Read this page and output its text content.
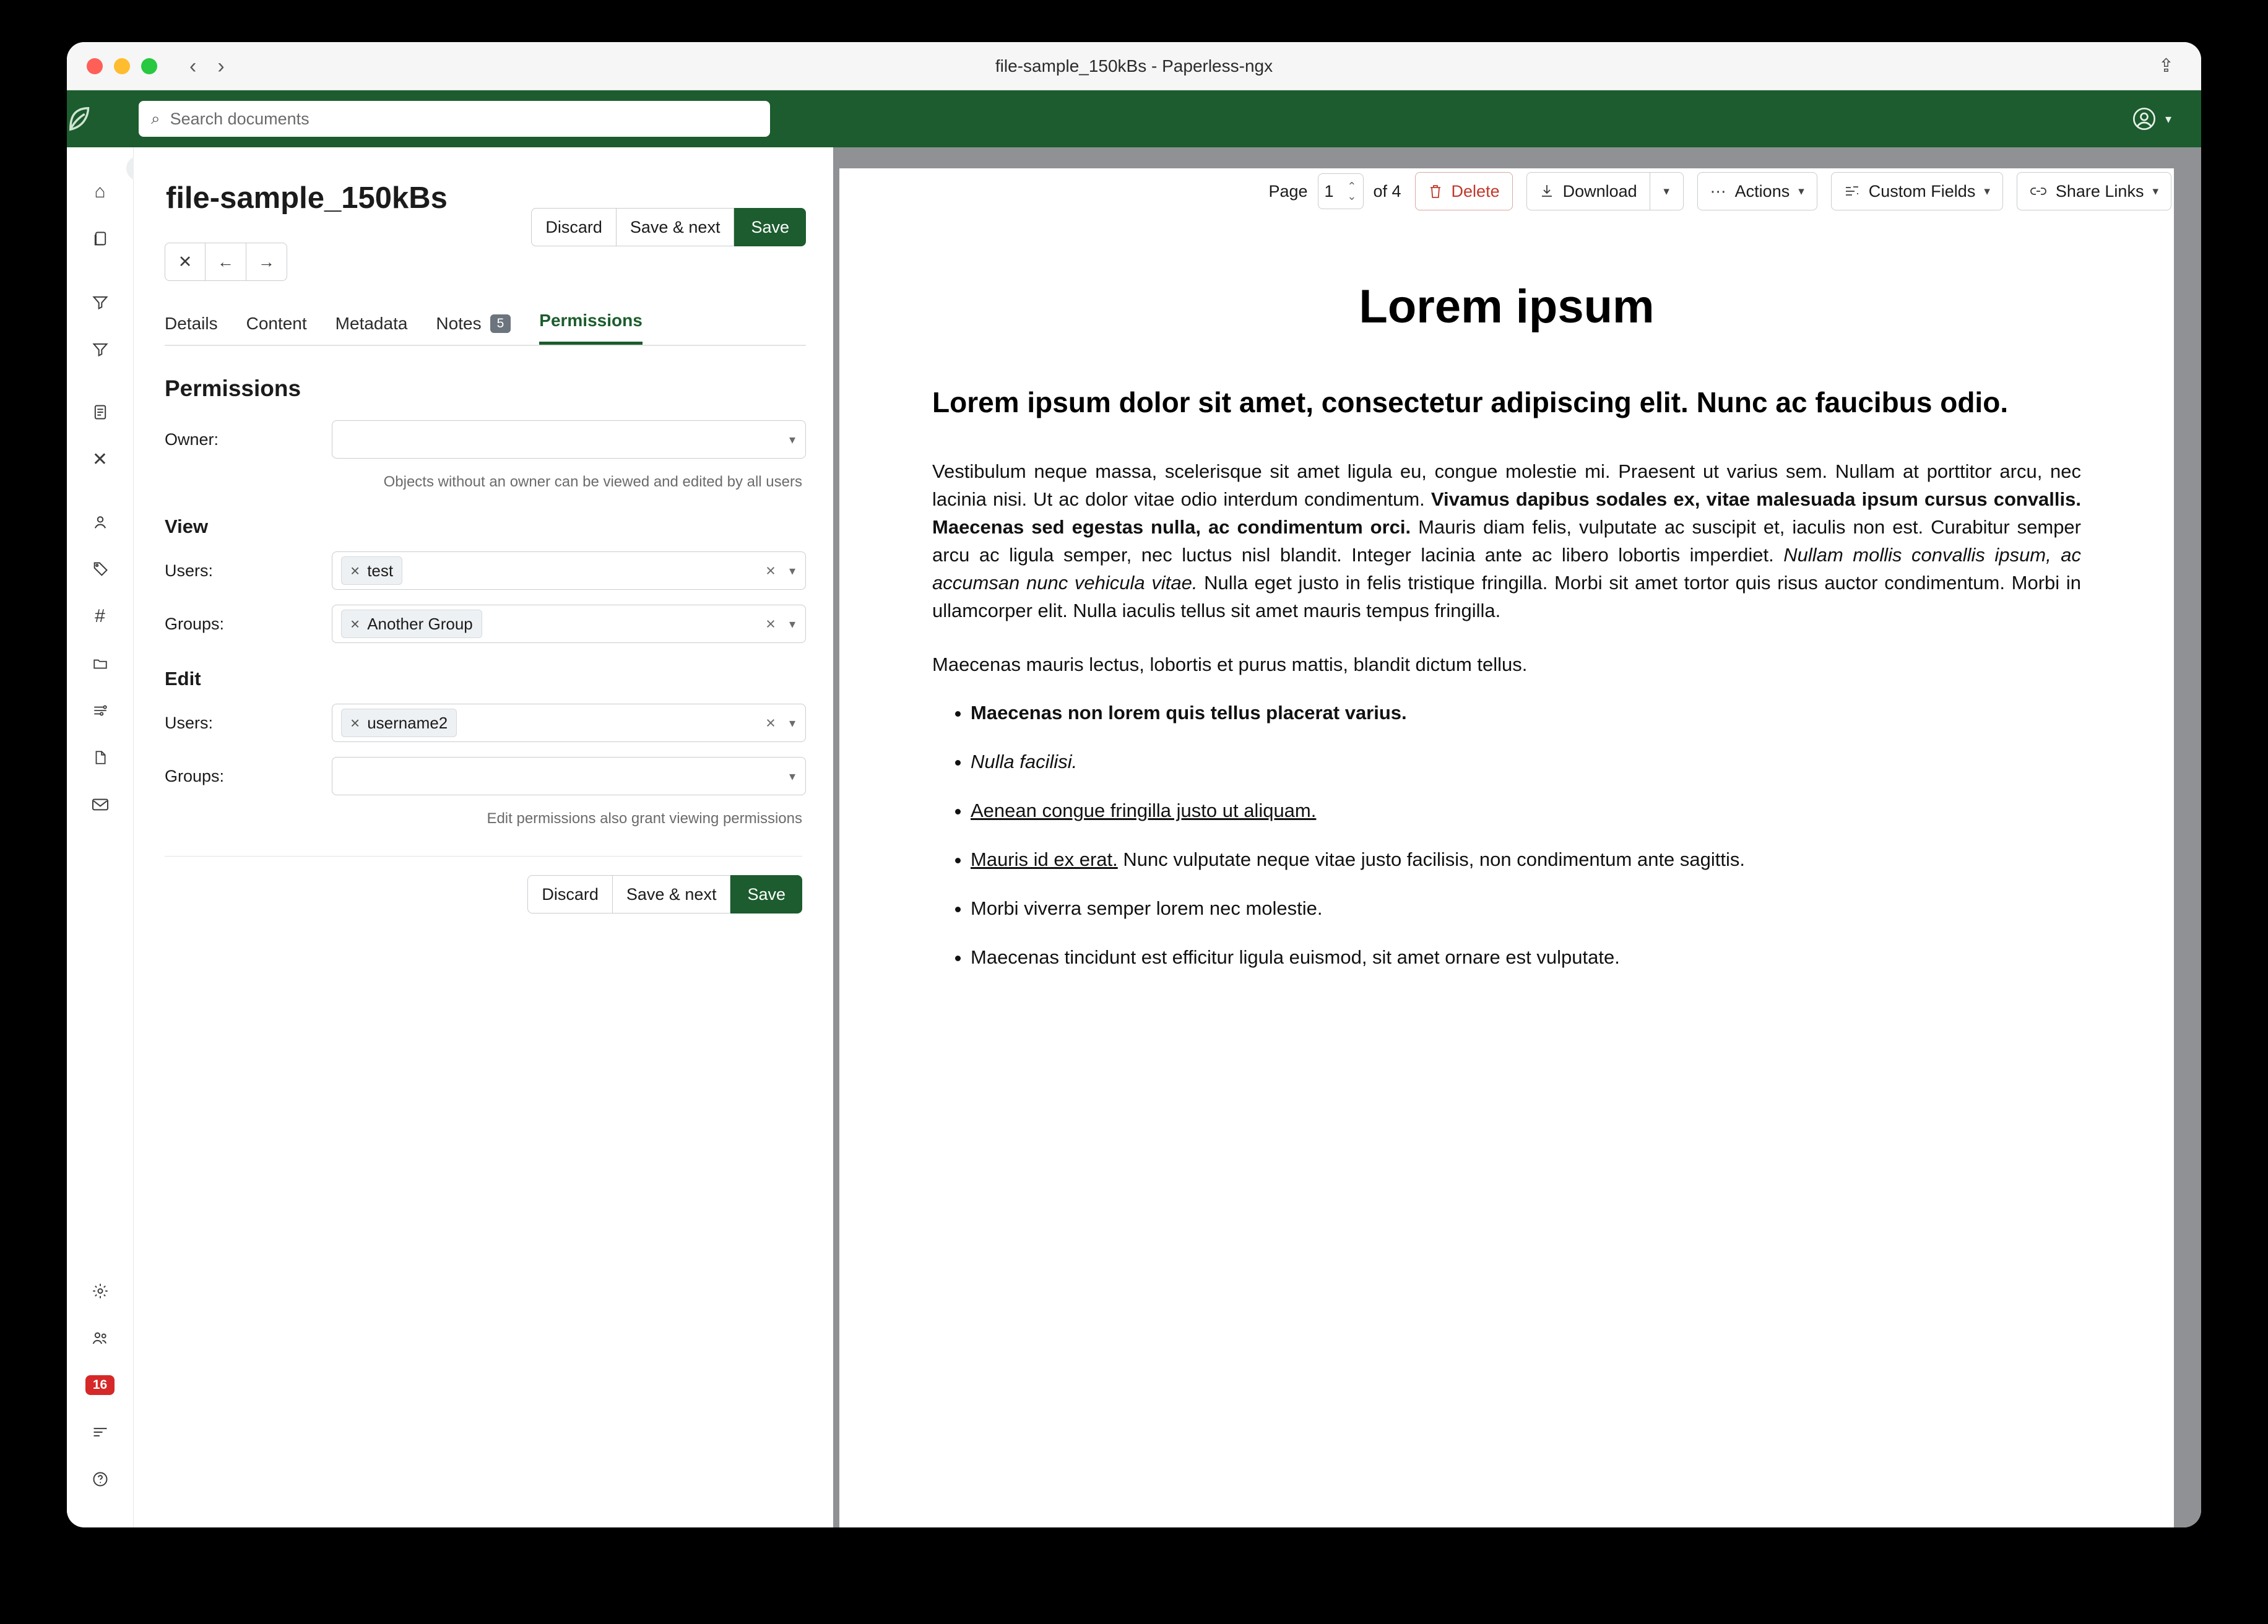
‹ ›	file-sample_150kBs - Paperless-ngx	⇪
⌕ Search documents	▾
⌂
✕
#
16
file-sample_150kBs
✕	←	→
Discard	Save & next	Save
Details Content Metadata Notes	5	Permissions
Permissions
Owner:	▾
Objects without an owner can be viewed and edited by all users
View
Users:	× test	× ▾
Groups:	× Another Group	× ▾
Edit
Users:	× username2	× ▾
Groups:	▾
Edit permissions also grant viewing permissions
Discard	Save & next	Save
Page 1 ⌃
⌄ of 4	Delete	Download	▾	⋯ Actions ▾	Custom Fields ▾	Share Links ▾
Lorem ipsum
Lorem ipsum dolor sit amet, consectetur adipiscing elit. Nunc ac faucibus odio.

Vestibulum neque massa, scelerisque sit amet ligula eu, congue molestie mi. Praesent ut varius sem. Nullam at porttitor arcu, nec lacinia nisi. Ut ac dolor vitae odio interdum condimentum. Vivamus dapibus sodales ex, vitae malesuada ipsum cursus convallis. Maecenas sed egestas nulla, ac condimentum orci. Mauris diam felis, vulputate ac suscipit et, iaculis non est. Curabitur semper arcu ac ligula semper, nec luctus nisl blandit. Integer lacinia ante ac libero lobortis imperdiet. Nullam mollis convallis ipsum, ac accumsan nunc vehicula vitae. Nulla eget justo in felis tristique fringilla. Morbi sit amet tortor quis risus auctor condimentum. Morbi in ullamcorper elit. Nulla iaculis tellus sit amet mauris tempus fringilla.

Maecenas mauris lectus, lobortis et purus mattis, blandit dictum tellus.

• Maecenas non lorem quis tellus placerat varius.
• Nulla facilisi.
• Aenean congue fringilla justo ut aliquam.
• Mauris id ex erat. Nunc vulputate neque vitae justo facilisis, non condimentum ante sagittis.
• Morbi viverra semper lorem nec molestie.
• Maecenas tincidunt est efficitur ligula euismod, sit amet ornare est vulputate.
